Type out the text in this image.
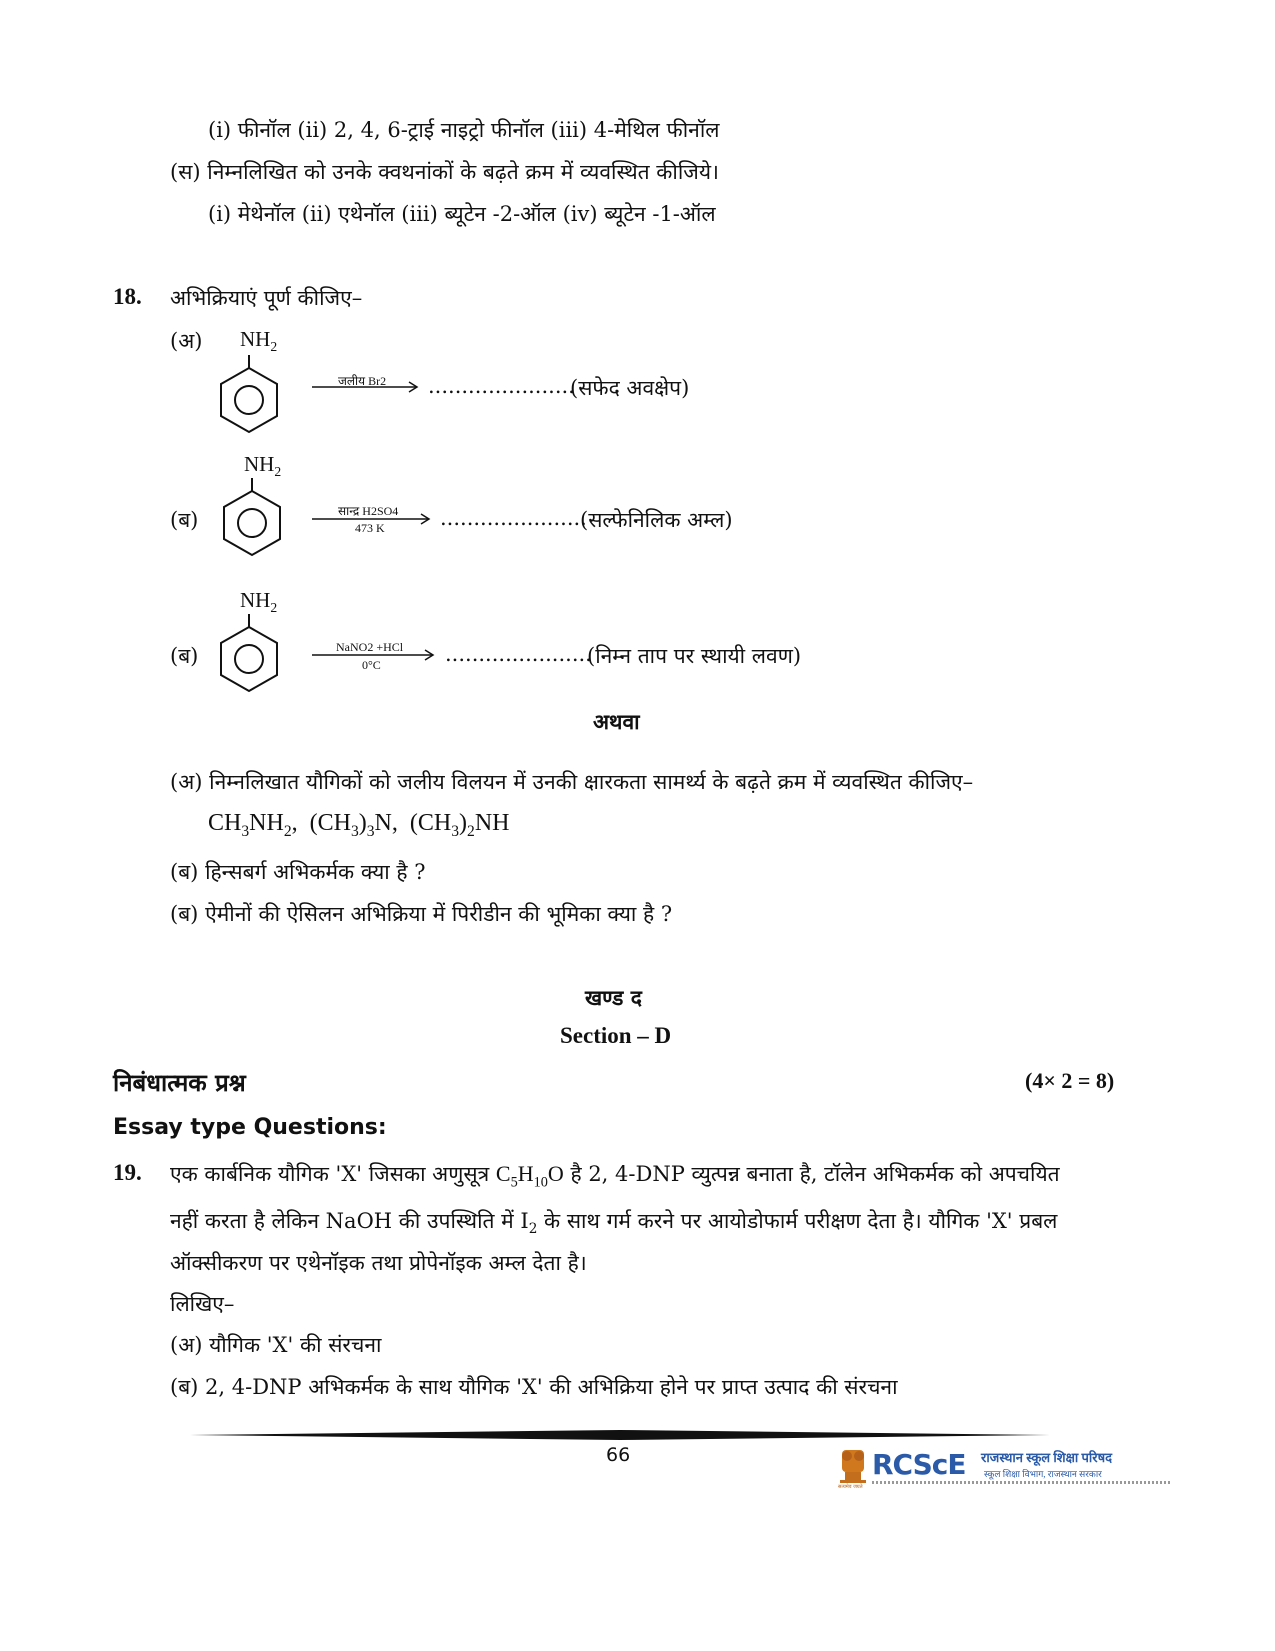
(i) फीनॉल (ii) 2, 4, 6-ट्राई नाइट्रो फीनॉल (iii) 4-मेथिल फीनॉल
(स) निम्नलिखित को उनके क्वथनांकों के बढ़ते क्रम में व्यवस्थित कीजिये।
(i) मेथेनॉल (ii) एथेनॉल (iii) ब्यूटेन -2-ऑल (iv) ब्यूटेन -1-ऑल
18. अभिक्रियाएं पूर्ण कीजिए–
(अ) $NH_2$
जलीय Br2 ......................
(सफेद अवक्षेप)
$NH_2$
(ब)	सान्द्र H2SO4
473 K	......................
(सल्फेनिलिक अम्ल)
$NH_2$
(ब)	NaNO2 +HCl
0°C	......................
(निम्न ताप पर स्थायी लवण)
अथवा
(अ) निम्नलिखात यौगिकों को जलीय विलयन में उनकी क्षारकता सामर्थ्य के बढ़ते क्रम में व्यवस्थित कीजिए–
$CH_3NH_2$,  $(CH_3)_3N$,  $(CH_3)_2NH$
(ब) हिन्सबर्ग अभिकर्मक क्या है ?
(ब) ऐमीनों की ऐसिलन अभिक्रिया में पिरीडीन की भूमिका क्या है ?
खण्ड द
Section – D
निबंधात्मक प्रश्न	(4× 2 = 8)
Essay type Questions:
19. एक कार्बनिक यौगिक 'X' जिसका अणुसूत्र $C_5H_{10}O$ है 2, 4-DNP व्युत्पन्न बनाता है, टॉलेन अभिकर्मक को अपचयित
नहीं करता है लेकिन NaOH की उपस्थिति में $I_2$ के साथ गर्म करने पर आयोडोफार्म परीक्षण देता है। यौगिक 'X' प्रबल
ऑक्सीकरण पर एथेनॉइक तथा प्रोपेनॉइक अम्ल देता है।
लिखिए–
(अ) यौगिक 'X' की संरचना
(ब) 2, 4-DNP अभिकर्मक के साथ यौगिक 'X' की अभिक्रिया होने पर प्राप्त उत्पाद की संरचना
66
सत्यमेव जयते
RCScE राजस्थान स्कूल शिक्षा परिषद
स्कूल शिक्षा विभाग, राजस्थान सरकार
